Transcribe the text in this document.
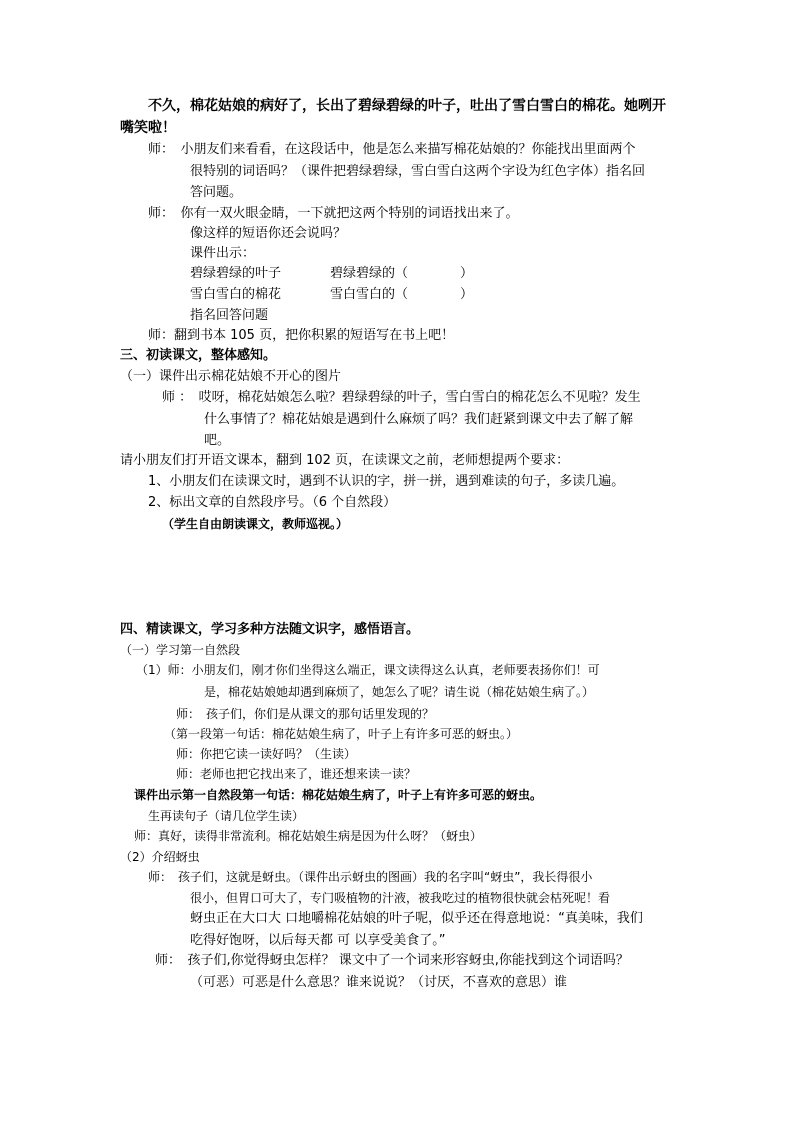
不久，棉花姑娘的病好了，长出了碧绿碧绿的叶子，吐出了雪白雪白的棉花。她咧开
嘴笑啦！
师：　小朋友们来看看，在这段话中，他是怎么来描写棉花姑娘的？你能找出里面两个
很特别的词语吗？（课件把碧绿碧绿，雪白雪白这两个字设为红色字体）指名回
答问题。
师：　你有一双火眼金睛，一下就把这两个特别的词语找出来了。
像这样的短语你还会说吗？
课件出示：
碧绿碧绿的叶子	碧绿碧绿的（　　　　）
雪白雪白的棉花	雪白雪白的（　　　　）
指名回答问题
师：翻到书本 105 页，把你积累的短语写在书上吧！
三、初读课文，整体感知。
（一）课件出示棉花姑娘不开心的图片
师 ：　哎呀，棉花姑娘怎么啦？碧绿碧绿的叶子，雪白雪白的棉花怎么不见啦？发生
什么事情了？棉花姑娘是遇到什么麻烦了吗？我们赶紧到课文中去了解了解
吧。
请小朋友们打开语文课本，翻到 102 页，在读课文之前，老师想提两个要求：
1、小朋友们在读课文时，遇到不认识的字，拼一拼，遇到难读的句子，多读几遍。
2、标出文章的自然段序号。（6 个自然段）
（学生自由朗读课文，教师巡视。）
四、精读课文，学习多种方法随文识字，感悟语言。
（一）学习第一自然段
（1）师：小朋友们，刚才你们坐得这么端正，课文读得这么认真，老师要表扬你们！可
是，棉花姑娘她却遇到麻烦了，她怎么了呢？请生说（棉花姑娘生病了。）
师：　孩子们，你们是从课文的那句话里发现的？
（第一段第一句话：棉花姑娘生病了，叶子上有许多可恶的蚜虫。）
师：你把它读一读好吗？（生读）
师：老师也把它找出来了，谁还想来读一读？
课件出示第一自然段第一句话：棉花姑娘生病了，叶子上有许多可恶的蚜虫。
生再读句子（请几位学生读）
师：真好，读得非常流利。棉花姑娘生病是因为什么呀？（蚜虫）
（2）介绍蚜虫
师：　孩子们，这就是蚜虫。（课件出示蚜虫的图画）我的名字叫“蚜虫”，我长得很小
很小，但胃口可大了，专门吸植物的汁液，被我吃过的植物很快就会枯死呢！看
蚜虫正在大口大 口地嚼棉花姑娘的叶子呢，似乎还在得意地说：“真美味，我们
吃得好饱呀，以后每天都 可 以享受美食了。”
师：　孩子们,你觉得蚜虫怎样？ 课文中了一个词来形容蚜虫,你能找到这个词语吗？
（可恶）可恶是什么意思？谁来说说？（讨厌，不喜欢的意思）谁
